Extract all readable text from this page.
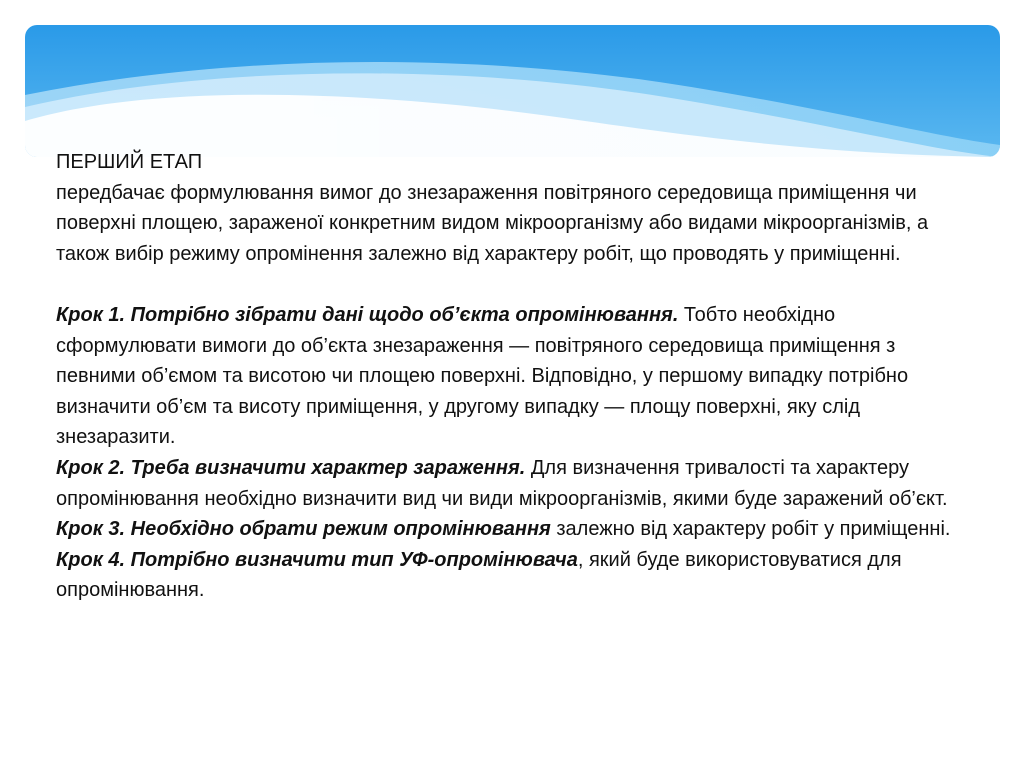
ПЕРШИЙ ЕТАП

передбачає формулювання вимог до знезараження повітряного середовища приміщення чи поверхні площею, зараженої конкретним видом мікроорганізму або видами мікроорганізмів, а також вибір режиму опромінення залежно від характеру робіт, що проводять у приміщенні.

Крок 1. Потрібно зібрати дані щодо об’єкта опромінювання. Тобто необхідно сформулювати вимоги до об’єкта знезараження — повітряного середовища приміщення з певними об’ємом та висотою чи площею поверхні. Відповідно, у першому випадку потрібно визначити об’єм та висоту приміщення, у другому випадку — площу поверхні, яку слід знезаразити.

Крок 2. Треба визначити характер зараження. Для визначення тривалості та характеру опромінювання необхідно визначити вид чи види мікроорганізмів, якими буде заражений об’єкт.

Крок 3. Необхідно обрати режим опромінювання залежно від характеру робіт у приміщенні.

Крок 4. Потрібно визначити тип УФ-опромінювача, який буде використовуватися для опромінювання.
